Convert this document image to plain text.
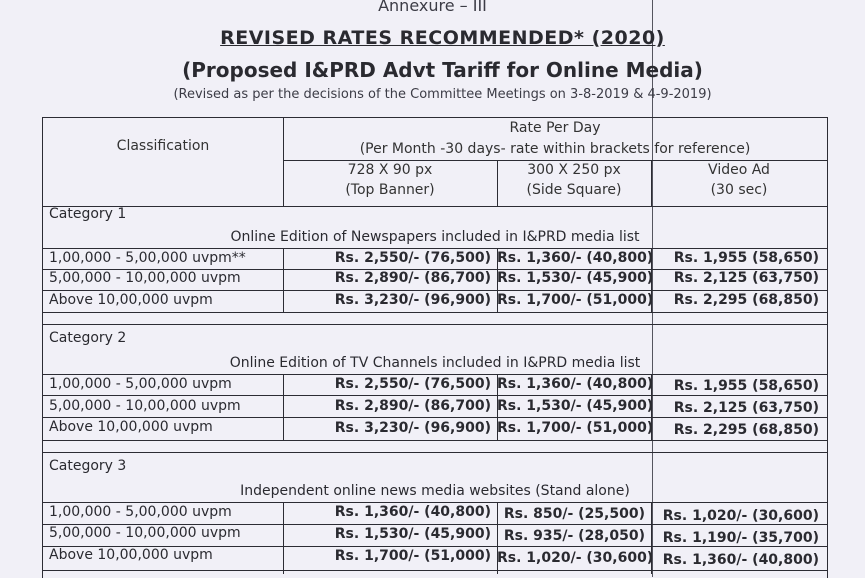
Annexure – III
REVISED RATES RECOMMENDED* (2020)
(Proposed I&PRD Advt Tariff for Online Media)
(Revised as per the decisions of the Committee Meetings on 3-8-2019 & 4-9-2019)
Classification
Rate Per Day
(Per Month -30 days- rate within brackets for reference)
728 X 90 px
(Top Banner)
300 X 250 px
(Side Square)
Video Ad
(30 sec)
Category 1
Online Edition of Newspapers included in I&PRD media list
1,00,000 - 5,00,000 uvpm**	Rs. 2,550/- (76,500) Rs. 1,360/- (40,800)	Rs. 1,955 (58,650)
5,00,000 - 10,00,000 uvpm	Rs. 2,890/- (86,700) Rs. 1,530/- (45,900)	Rs. 2,125 (63,750)
Above 10,00,000 uvpm	Rs. 3,230/- (96,900) Rs. 1,700/- (51,000)	Rs. 2,295 (68,850)
Category 2
Online Edition of TV Channels included in I&PRD media list
1,00,000 - 5,00,000 uvpm	Rs. 2,550/- (76,500) Rs. 1,360/- (40,800)	Rs. 1,955 (58,650)
5,00,000 - 10,00,000 uvpm	Rs. 2,890/- (86,700) Rs. 1,530/- (45,900)	Rs. 2,125 (63,750)
Above 10,00,000 uvpm	Rs. 3,230/- (96,900) Rs. 1,700/- (51,000)	Rs. 2,295 (68,850)
Category 3
Independent online news media websites (Stand alone)
1,00,000 - 5,00,000 uvpm	Rs. 1,360/- (40,800) Rs. 850/- (25,500)	Rs. 1,020/- (30,600)
5,00,000 - 10,00,000 uvpm	Rs. 1,530/- (45,900) Rs. 935/- (28,050)	Rs. 1,190/- (35,700)
Above 10,00,000 uvpm	Rs. 1,700/- (51,000) Rs. 1,020/- (30,600) Rs. 1,360/- (40,800)
